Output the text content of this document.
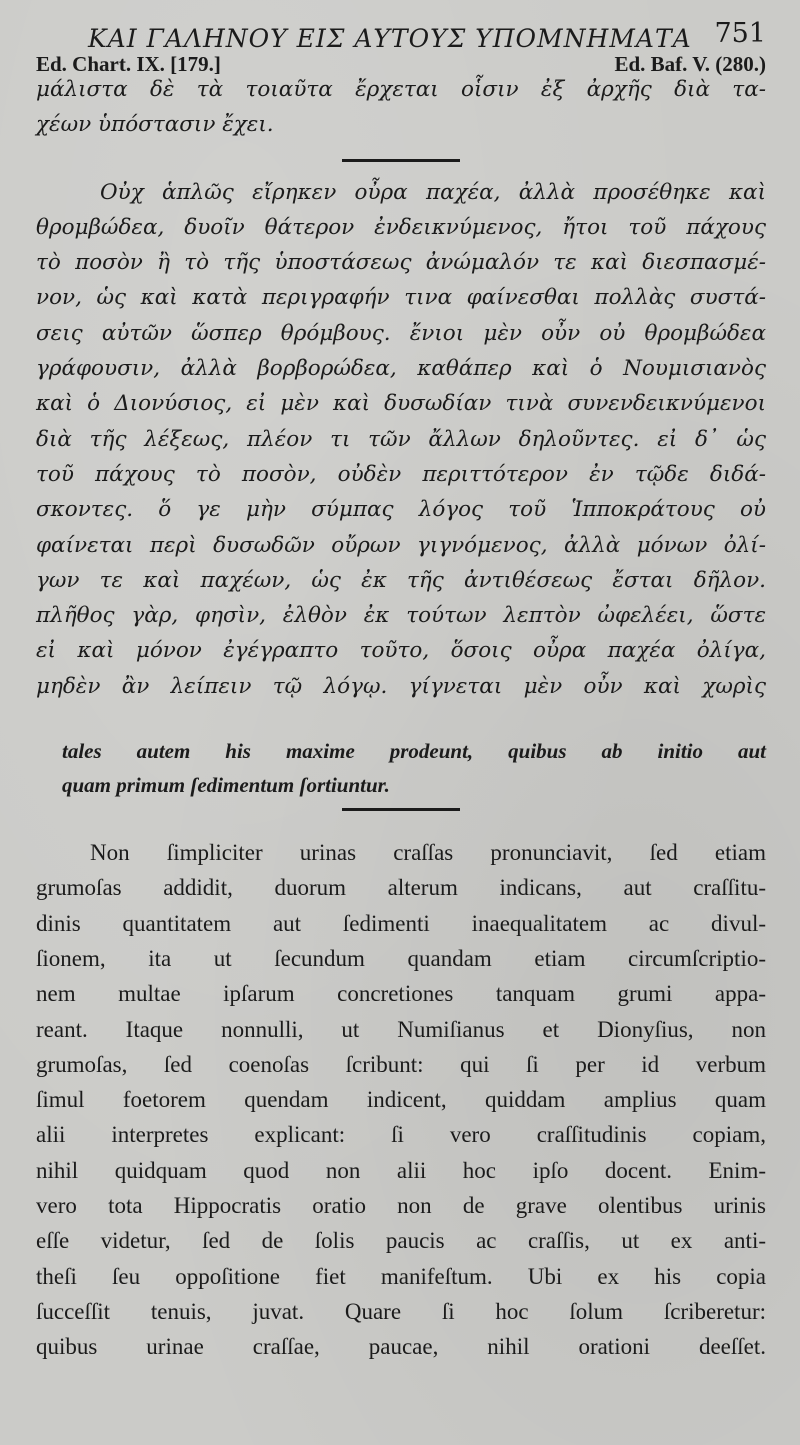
ΚΑΙ ΓΑΛΗΝΟΥ ΕΙΣ ΑΥΤΟΥΣ ΥΠΟΜΝΗΜΑΤΑ 751
Ed. Chart. IX. [179.]	Ed. Baf. V. (280.)
μάλιστα δὲ τὰ τοιαῦτα ἔρχεται οἷσιν ἐξ ἀρχῆς διὰ τα-
χέων ὑπόστασιν ἔχει.
Οὐχ ἁπλῶς εἴρηκεν οὖρα παχέα, ἀλλὰ προσέθηκε καὶ
θρομβώδεα, δυοῖν θάτερον ἐνδεικνύμενος, ἤτοι τοῦ πάχους
τὸ ποσὸν ἢ τὸ τῆς ὑποστάσεως ἀνώμαλόν τε καὶ διεσπασμέ-
νον, ὡς καὶ κατὰ περιγραφήν τινα φαίνεσθαι πολλὰς συστά-
σεις αὐτῶν ὥσπερ θρόμβους. ἔνιοι μὲν οὖν οὐ θρομβώδεα
γράφουσιν, ἀλλὰ βορβορώδεα, καθάπερ καὶ ὁ Νουμισιανὸς
καὶ ὁ Διονύσιος, εἰ μὲν καὶ δυσωδίαν τινὰ συνενδεικνύμενοι
διὰ τῆς λέξεως, πλέον τι τῶν ἄλλων δηλοῦντες. εἰ δ᾽ ὡς
τοῦ πάχους τὸ ποσὸν, οὐδὲν περιττότερον ἐν τῷδε διδά-
σκοντες. ὅ γε μὴν σύμπας λόγος τοῦ Ἱπποκράτους οὐ
φαίνεται περὶ δυσωδῶν οὔρων γιγνόμενος, ἀλλὰ μόνων ὀλί-
γων τε καὶ παχέων, ὡς ἐκ τῆς ἀντιθέσεως ἔσται δῆλον.
πλῆθος γὰρ, φησὶν, ἐλθὸν ἐκ τούτων λεπτὸν ὠφελέει, ὥστε
εἰ καὶ μόνον ἐγέγραπτο τοῦτο, ὅσοις οὖρα παχέα ὀλίγα,
μηδὲν ἂν λείπειν τῷ λόγῳ. γίγνεται μὲν οὖν καὶ χωρὶς
tales autem his maxime prodeunt, quibus ab initio aut
quam primum ſedimentum ſortiuntur.
Non ſimpliciter urinas craſſas pronunciavit, ſed etiam
grumoſas addidit, duorum alterum indicans, aut craſſitu-
dinis quantitatem aut ſedimenti inaequalitatem ac divul-
ſionem, ita ut ſecundum quandam etiam circumſcriptio-
nem multae ipſarum concretiones tanquam grumi appa-
reant. Itaque nonnulli, ut Numiſianus et Dionyſius, non
grumoſas, ſed coenoſas ſcribunt: qui ſi per id verbum
ſimul foetorem quendam indicent, quiddam amplius quam
alii interpretes explicant: ſi vero craſſitudinis copiam,
nihil quidquam quod non alii hoc ipſo docent. Enim-
vero tota Hippocratis oratio non de grave olentibus urinis
eſſe videtur, ſed de ſolis paucis ac craſſis, ut ex anti-
theſi ſeu oppoſitione fiet manifeſtum. Ubi ex his copia
ſucceſſit tenuis, juvat. Quare ſi hoc ſolum ſcriberetur:
quibus urinae craſſae, paucae, nihil orationi deeſſet.
